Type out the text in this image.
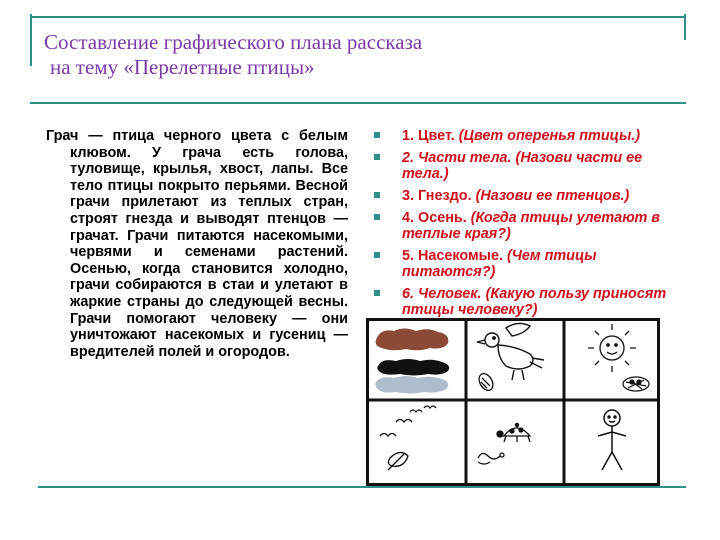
Составление графического плана рассказа
на тему «Перелетные птицы»

Грач — птица черного цвета с белым клювом. У грача есть голова, туловище, крылья, хвост, лапы. Все тело птицы покрыто перьями. Весной грачи прилетают из теплых стран, строят гнезда и выводят птенцов — грачат. Грачи питаются насекомыми, червями и семенами растений. Осенью, когда становится холодно, грачи собираются в стаи и улетают в жаркие страны до следующей весны. Грачи помогают человеку — они уничтожают насекомых и гусениц — вредителей полей и огородов.

1. Цвет. (Цвет оперенья птицы.)
2. Части тела. (Назови части ее тела.)
3. Гнездо. (Назови ее птенцов.)
4. Осень. (Когда птицы улетают в теплые края?)
5. Насекомые. (Чем птицы питаются?)
6. Человек. (Какую пользу приносят птицы человеку?)
